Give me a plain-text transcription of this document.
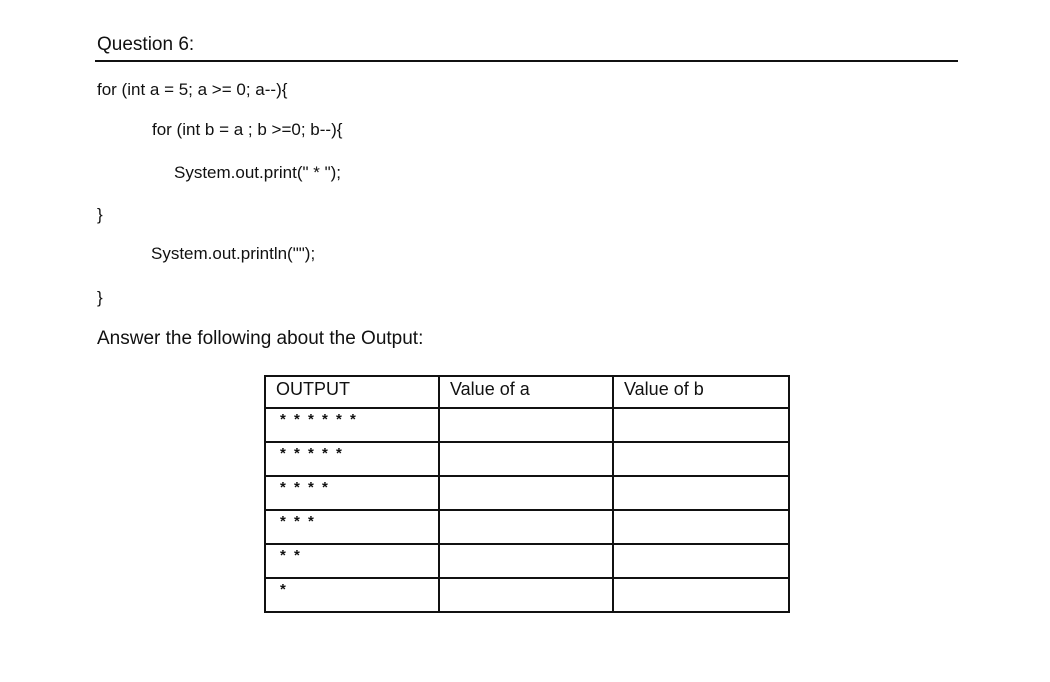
Question 6:
for (int a = 5; a >= 0; a--){
for (int b = a ; b >=0; b--){
System.out.print(" * ");
}
System.out.println("");
}
Answer the following about the Output:
OUTPUT	Value of a	Value of b
* * * * * *		
* * * * *		
* * * *		
* * *		
* *		
*		
